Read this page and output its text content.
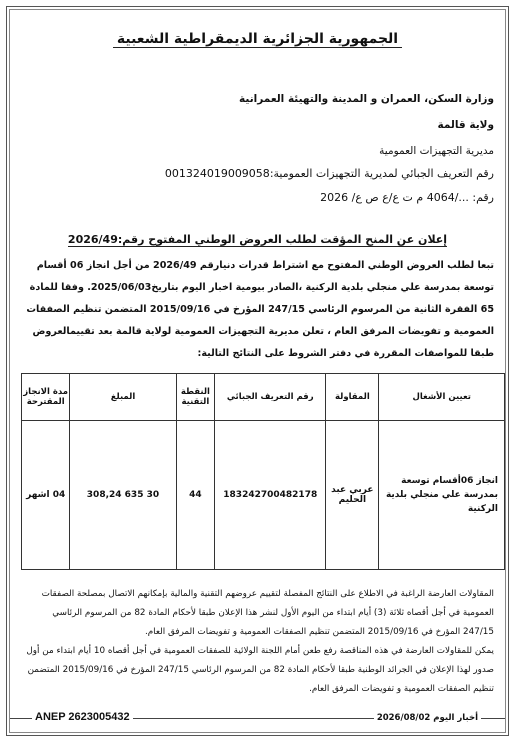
الجمهورية الجزائرية الديمقراطية الشعبية
وزارة السكن، العمران و المدينة والتهيئة العمرانية
ولاية قالمة
مديرية التجهيزات العمومية
رقم التعريف الجبائي لمديرية التجهيزات العمومية:001324019009058
رقم: .../4064 م ت ع/ع ص ع/ 2026
إعلان عن المنح المؤقت لطلب العروض الوطني المفتوح رقم:2026/49
تبعا لطلب العروض الوطني المفتوح مع اشتراط قدرات دنيارقم 2026/49 من أجل انجاز 06 أقسام توسعة بمدرسة علي منجلي بلدية الركنية ،الصادر بيومية اخبار اليوم بتاريخ2025/06/03. وفقا للمادة 65 الفقرة الثانية من المرسوم الرئاسي 247/15 المؤرخ في 2015/09/16 المتضمن تنظيم الصفقات العمومية و تفويضات المرفق العام ، تعلن مديرية التجهيزات العمومية لولاية قالمة بعد تقييمالعروض طبقا للمواصفات المقررة في دفتر الشروط على النتائج التالية:
تعيين الأشغال	المقاولة	رقم التعريف الجبائي	النقطة التقنية	المبلغ	مدة الانجاز المقترحة
انجاز 06أقسام توسعة بمدرسة علي منجلي بلدية الركنية	عربي عبد الحليم	183242700482178	44	30 635 308,24	04 اشهر
المقاولات العارضة الراغبة في الاطلاع على النتائج المفصلة لتقييم عروضهم التقنية والمالية بإمكانهم الاتصال بمصلحة الصفقات العمومية في أجل أقصاه ثلاثة (3) أيام ابتداء من اليوم الأول لنشر هذا الإعلان طبقا لأحكام المادة 82 من المرسوم الرئاسي 247/15 المؤرخ في 2015/09/16 المتضمن تنظيم الصفقات العمومية و تفويضات المرفق العام.
يمكن للمقاولات العارضة في هذه المناقصة رفع طعن أمام اللجنة الولائية للصفقات العمومية في أجل أقصاه 10 أيام ابتداء من أول صدور لهذا الإعلان في الجرائد الوطنية طبقا لأحكام المادة 82 من المرسوم الرئاسي 247/15 المؤرخ في 2015/09/16 المتضمن تنظيم الصفقات العمومية و تفويضات المرفق العام.
ANEP 2623005432	أخبار اليوم 2026/08/02
